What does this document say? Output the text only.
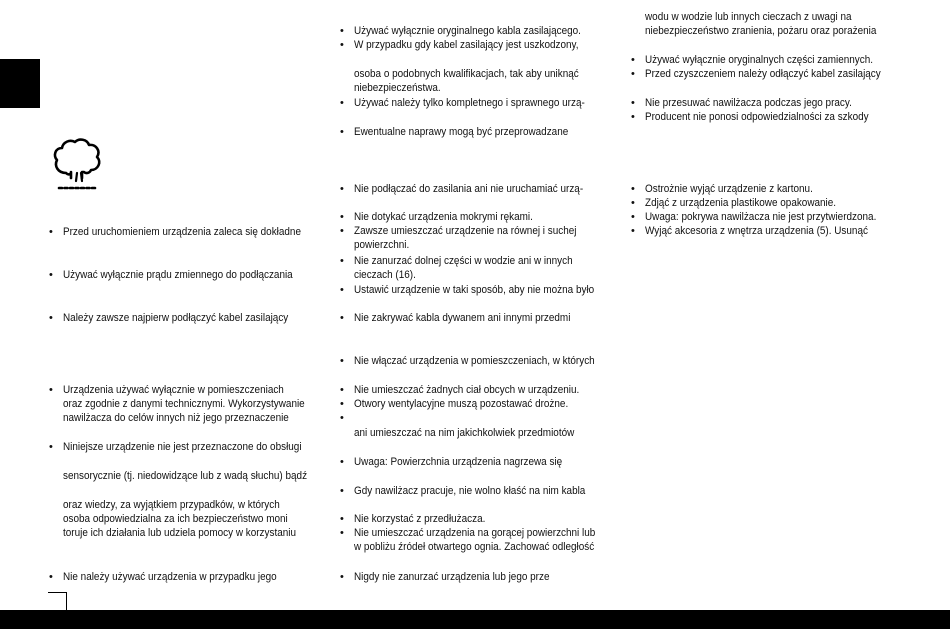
Przed uruchomieniem urządzenia zaleca się dokładne
•
Używać wyłącznie prądu zmiennego do podłączania
•
Należy zawsze najpierw podłączyć kabel zasilający
•
Urządzenia używać wyłącznie w pomieszczeniach
•
oraz zgodnie z danymi technicznymi. Wykorzystywanie
nawilżacza do celów innych niż jego przeznaczenie
Niniejsze urządzenie nie jest przeznaczone do obsługi
•
sensorycznie (tj. niedowidzące lub z wadą słuchu) bądź
oraz wiedzy, za wyjątkiem przypadków, w których
osoba odpowiedzialna za ich bezpieczeństwo moni
toruje ich działania lub udziela pomocy w korzystaniu
Nie należy używać urządzenia w przypadku jego
•
Używać wyłącznie oryginalnego kabla zasilającego.
•
W przypadku gdy kabel zasilający jest uszkodzony,
•
osoba o podobnych kwalifikacjach, tak aby uniknąć
niebezpieczeństwa.
Używać należy tylko kompletnego i sprawnego urzą-
•
Ewentualne naprawy mogą być przeprowadzane
•
Nie podłączać do zasilania ani nie uruchamiać urzą-
•
Nie dotykać urządzenia mokrymi rękami.
•
Zawsze umieszczać urządzenie na równej i suchej
•
powierzchni.
Nie zanurzać dolnej części w wodzie ani w innych
•
cieczach (16).
Ustawić urządzenie w taki sposób, aby nie można było
•
Nie zakrywać kabla dywanem ani innymi przedmi
•
Nie włączać urządzenia w pomieszczeniach, w których
•
Nie umieszczać żadnych ciał obcych w urządzeniu.
•
Otwory wentylacyjne muszą pozostawać drożne.
•
ani umieszczać na nim jakichkolwiek przedmiotów
Uwaga: Powierzchnia urządzenia nagrzewa się
•
Gdy nawilżacz pracuje, nie wolno kłaść na nim kabla
•
Nie korzystać z przedłużacza.
•
Nie umieszczać urządzenia na gorącej powierzchni lub
•
w pobliżu źródeł otwartego ognia. Zachować odległość
Nigdy nie zanurzać urządzenia lub jego prze
•
wodu w wodzie lub innych cieczach z uwagi na
niebezpieczeństwo zranienia, pożaru oraz porażenia
Używać wyłącznie oryginalnych części zamiennych.
•
Przed czyszczeniem należy odłączyć kabel zasilający
•
Nie przesuwać nawilżacza podczas jego pracy.
•
Producent nie ponosi odpowiedzialności za szkody
•
Ostrożnie wyjąć urządzenie z kartonu.
•
Zdjąć z urządzenia plastikowe opakowanie.
•
Uwaga: pokrywa nawilżacza nie jest przytwierdzona.
•
Wyjąć akcesoria z wnętrza urządzenia (5). Usunąć
•
•
